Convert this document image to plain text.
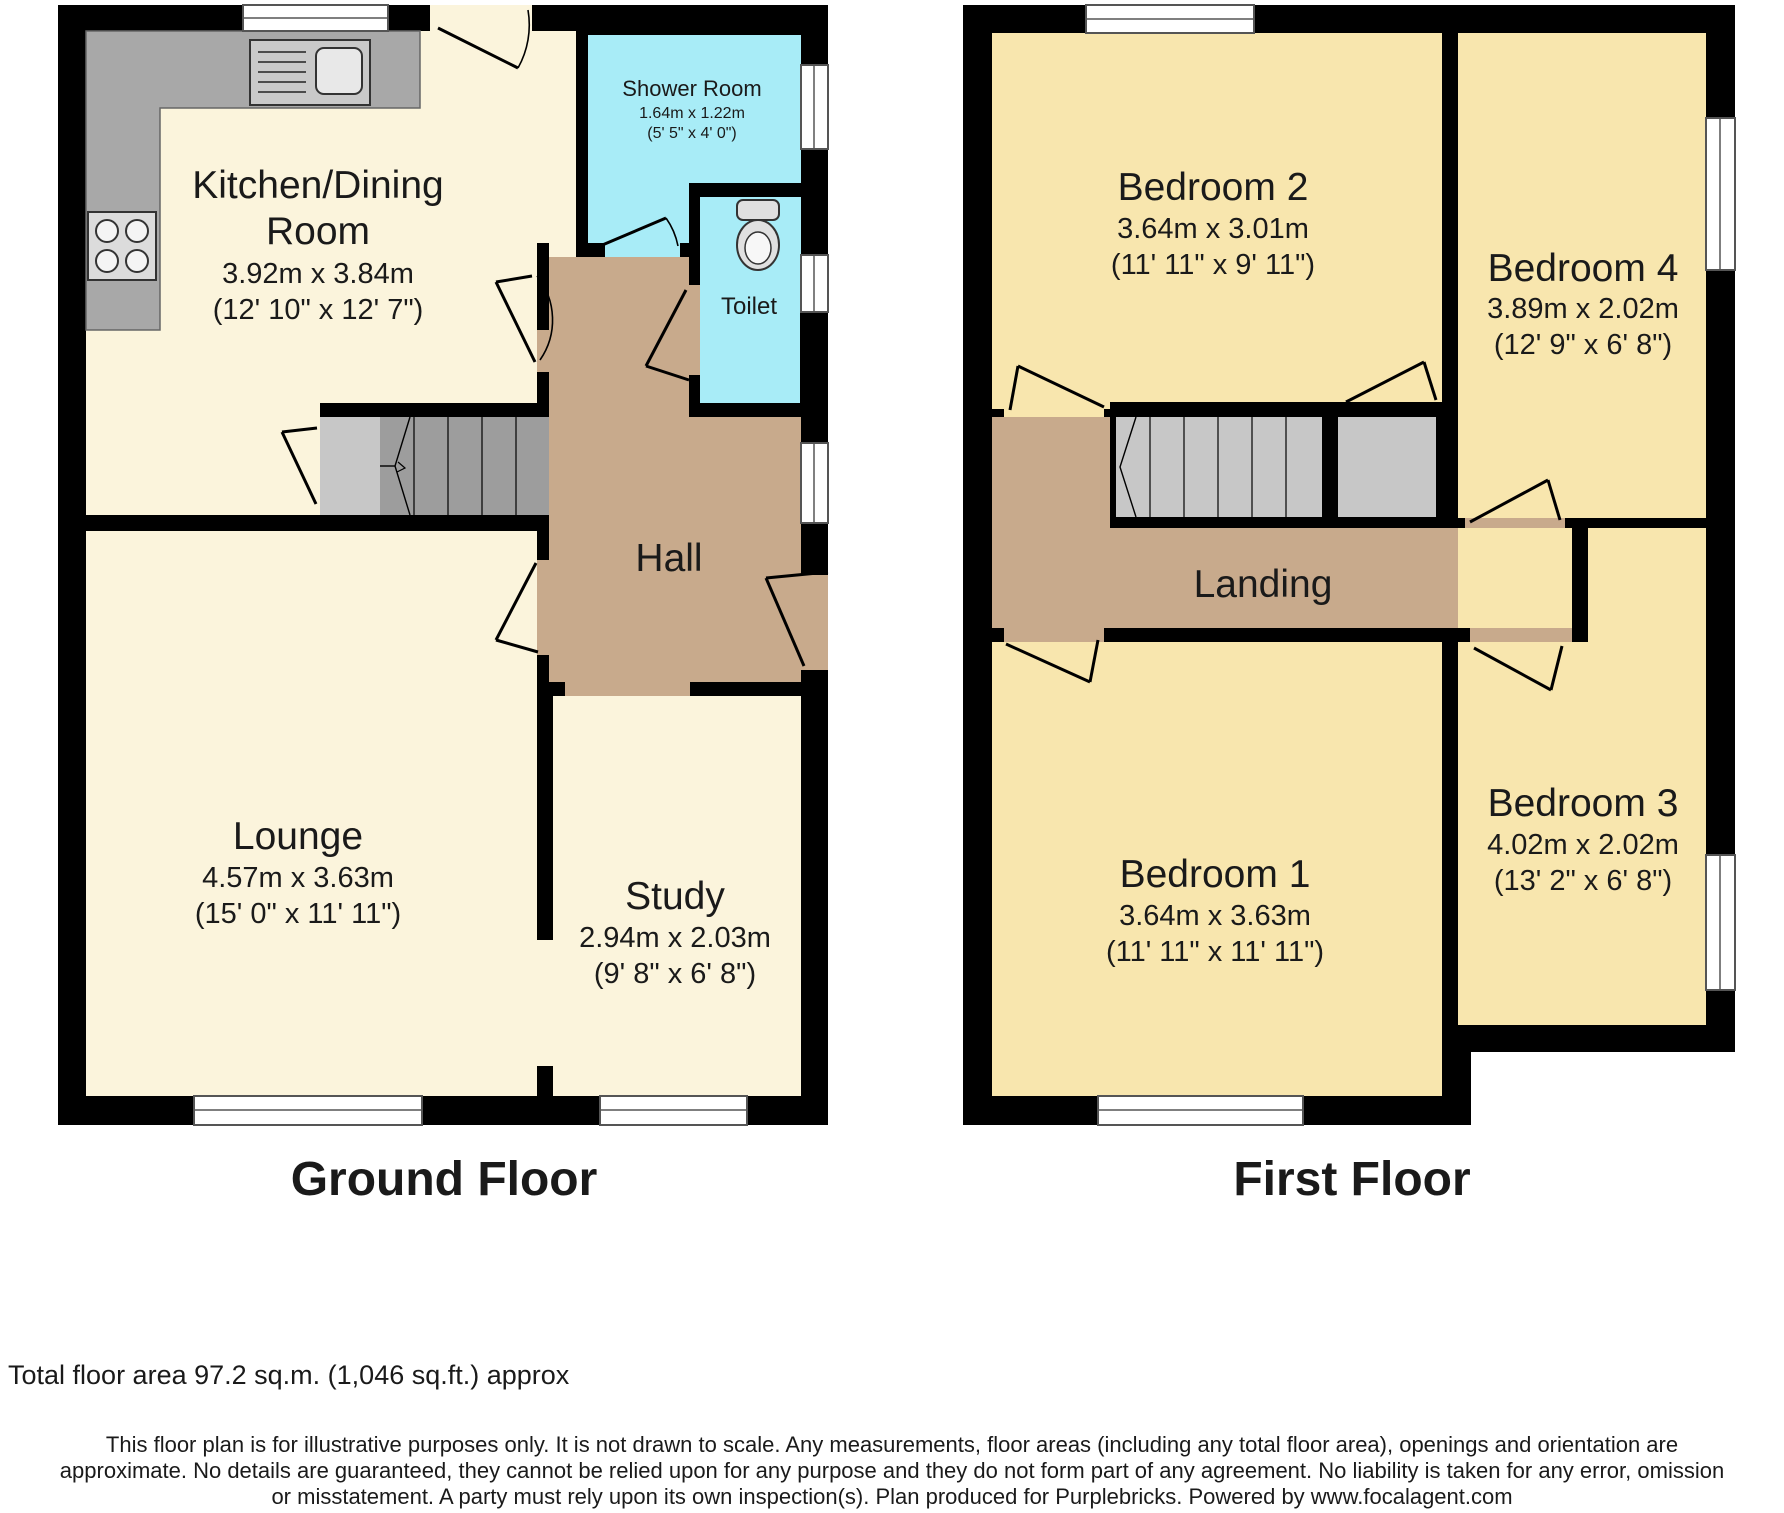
Kitchen/Dining
Room
3.92m x 3.84m
(12' 10" x 12' 7")
Shower Room
1.64m x 1.22m
(5' 5" x 4' 0")
Toilet
Hall
Lounge
4.57m x 3.63m
(15' 0" x 11' 11")	Study
2.94m x 2.03m
(9' 8" x 6' 8")
Ground Floor
Bedroom 2
3.64m x 3.01m
(11' 11" x 9' 11")	Bedroom 4
3.89m x 2.02m
(12' 9" x 6' 8")
Landing
Bedroom 1
3.64m x 3.63m
(11' 11" x 11' 11")
Bedroom 3
4.02m x 2.02m
(13' 2" x 6' 8")
First Floor
Total floor area 97.2 sq.m. (1,046 sq.ft.) approx
This floor plan is for illustrative purposes only. It is not drawn to scale. Any measurements, floor areas (including any total floor area), openings and orientation are
approximate. No details are guaranteed, they cannot be relied upon for any purpose and they do not form part of any agreement. No liability is taken for any error, omission
or misstatement. A party must rely upon its own inspection(s). Plan produced for Purplebricks. Powered by www.focalagent.com
